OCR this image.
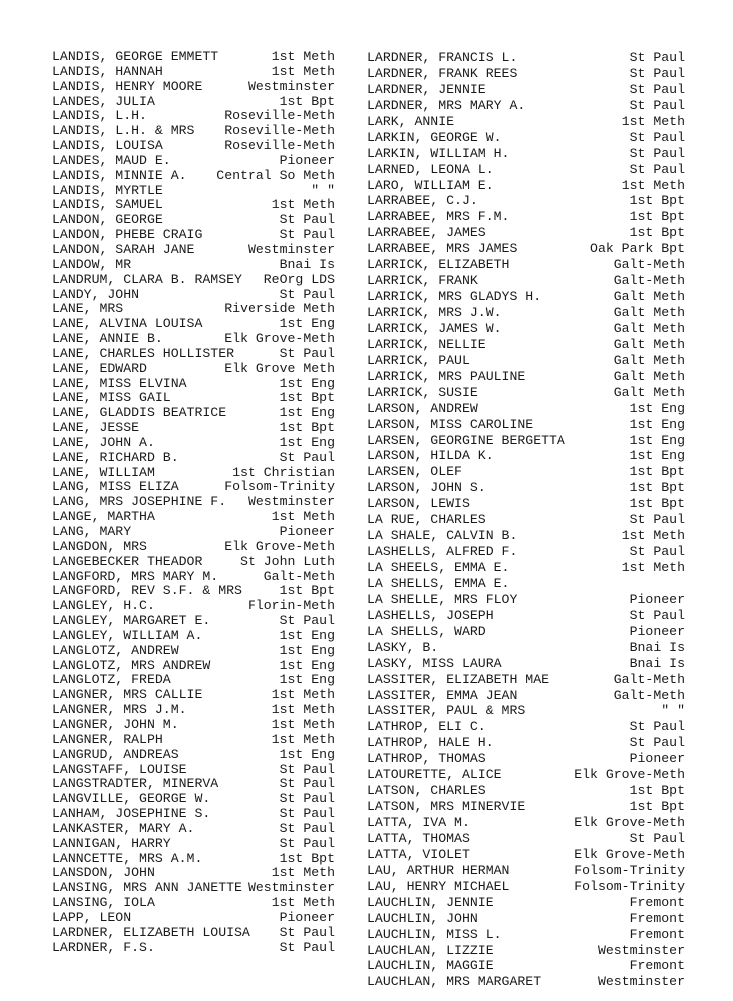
LANDIS, GEORGE EMMETT	1st Meth
LANDIS, HANNAH	1st Meth
LANDIS, HENRY MOORE	Westminster
LANDES, JULIA	1st Bpt
LANDIS, L.H.	Roseville-Meth
LANDIS, L.H. & MRS Roseville-Meth
LANDIS, LOUISA	Roseville-Meth
LANDES, MAUD E.	Pioneer
LANDIS, MINNIE A. Central So Meth
LANDIS, MYRTLE	" "
LANDIS, SAMUEL	1st Meth
LANDON, GEORGE	St Paul
LANDON, PHEBE CRAIG	St Paul
LANDON, SARAH JANE	Westminster
LANDOW, MR	Bnai Is
LANDRUM, CLARA B. RAMSEY ReOrg LDS
LANDY, JOHN	St Paul
LANE, MRS	Riverside Meth
LANE, ALVINA LOUISA	1st Eng
LANE, ANNIE B.	Elk Grove-Meth
LANE, CHARLES HOLLISTER	St Paul
LANE, EDWARD	Elk Grove Meth
LANE, MISS ELVINA	1st Eng
LANE, MISS GAIL	1st Bpt
LANE, GLADDIS BEATRICE	1st Eng
LANE, JESSE	1st Bpt
LANE, JOHN A.	1st Eng
LANE, RICHARD B.	St Paul
LANE, WILLIAM	1st Christian
LANG, MISS ELIZA	Folsom-Trinity
LANG, MRS JOSEPHINE F. Westminster
LANGE, MARTHA	1st Meth
LANG, MARY	Pioneer
LANGDON, MRS	Elk Grove-Meth
LANGEBECKER THEADOR	St John Luth
LANGFORD, MRS MARY M.	Galt-Meth
LANGFORD, REV S.F. & MRS	1st Bpt
LANGLEY, H.C.	Florin-Meth
LANGLEY, MARGARET E.	St Paul
LANGLEY, WILLIAM A.	1st Eng
LANGLOTZ, ANDREW	1st Eng
LANGLOTZ, MRS ANDREW	1st Eng
LANGLOTZ, FREDA	1st Eng
LANGNER, MRS CALLIE	1st Meth
LANGNER, MRS J.M.	1st Meth
LANGNER, JOHN M.	1st Meth
LANGNER, RALPH	1st Meth
LANGRUD, ANDREAS	1st Eng
LANGSTAFF, LOUISE	St Paul
LANGSTRADTER, MINERVA	St Paul
LANGVILLE, GEORGE W.	St Paul
LANHAM, JOSEPHINE S.	St Paul
LANKASTER, MARY A.	St Paul
LANNIGAN, HARRY	St Paul
LANNCETTE, MRS A.M.	1st Bpt
LANSDON, JOHN	1st Meth
LANSING, MRS ANN JANETTE Westminster
LANSING, IOLA	1st Meth
LAPP, LEON	Pioneer
LARDNER, ELIZABETH LOUISA St Paul
LARDNER, F.S.	St Paul
LARDNER, FRANCIS L.	St Paul
LARDNER, FRANK REES	St Paul
LARDNER, JENNIE	St Paul
LARDNER, MRS MARY A.	St Paul
LARK, ANNIE	1st Meth
LARKIN, GEORGE W.	St Paul
LARKIN, WILLIAM H.	St Paul
LARNED, LEONA L.	St Paul
LARO, WILLIAM E.	1st Meth
LARRABEE, C.J.	1st Bpt
LARRABEE, MRS F.M.	1st Bpt
LARRABEE, JAMES	1st Bpt
LARRABEE, MRS JAMES	Oak Park Bpt
LARRICK, ELIZABETH	Galt-Meth
LARRICK, FRANK	Galt-Meth
LARRICK, MRS GLADYS H.	Galt Meth
LARRICK, MRS J.W.	Galt Meth
LARRICK, JAMES W.	Galt Meth
LARRICK, NELLIE	Galt Meth
LARRICK, PAUL	Galt Meth
LARRICK, MRS PAULINE	Galt Meth
LARRICK, SUSIE	Galt Meth
LARSON, ANDREW	1st Eng
LARSON, MISS CAROLINE	1st Eng
LARSEN, GEORGINE BERGETTA	1st Eng
LARSON, HILDA K.	1st Eng
LARSEN, OLEF	1st Bpt
LARSON, JOHN S.	1st Bpt
LARSON, LEWIS	1st Bpt
LA RUE, CHARLES	St Paul
LA SHALE, CALVIN B.	1st Meth
LASHELLS, ALFRED F.	St Paul
LA SHEELS, EMMA E.	1st Meth
LA SHELLS, EMMA E.
LA SHELLE, MRS FLOY	Pioneer
LASHELLS, JOSEPH	St Paul
LA SHELLS, WARD	Pioneer
LASKY, B.	Bnai Is
LASKY, MISS LAURA	Bnai Is
LASSITER, ELIZABETH MAE	Galt-Meth
LASSITER, EMMA JEAN	Galt-Meth
LASSITER, PAUL & MRS	" "
LATHROP, ELI C.	St Paul
LATHROP, HALE H.	St Paul
LATHROP, THOMAS	Pioneer
LATOURETTE, ALICE	Elk Grove-Meth
LATSON, CHARLES	1st Bpt
LATSON, MRS MINERVIE	1st Bpt
LATTA, IVA M.	Elk Grove-Meth
LATTA, THOMAS	St Paul
LATTA, VIOLET	Elk Grove-Meth
LAU, ARTHUR HERMAN	Folsom-Trinity
LAU, HENRY MICHAEL	Folsom-Trinity
LAUCHLIN, JENNIE	Fremont
LAUCHLIN, JOHN	Fremont
LAUCHLIN, MISS L.	Fremont
LAUCHLAN, LIZZIE	Westminster
LAUCHLIN, MAGGIE	Fremont
LAUCHLAN, MRS MARGARET	Westminster
